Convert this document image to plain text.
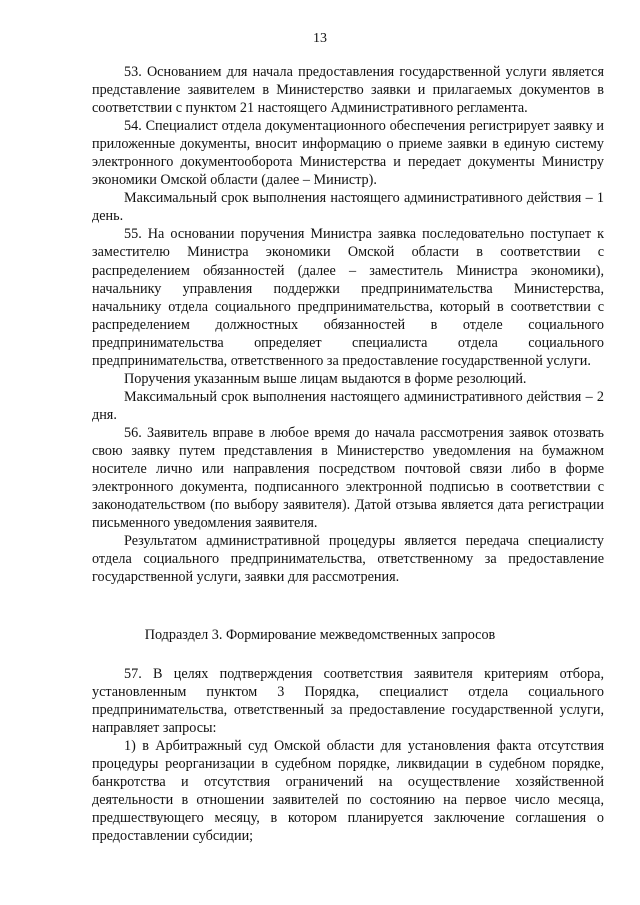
13

53. Основанием для начала предоставления государственной услуги является представление заявителем в Министерство заявки и прилагаемых документов в соответствии с пунктом 21 настоящего Административного регламента.

54. Специалист отдела документационного обеспечения регистрирует заявку и приложенные документы, вносит информацию о приеме заявки в единую систему электронного документооборота Министерства и передает документы Министру экономики Омской области (далее – Министр).

Максимальный срок выполнения настоящего административного действия – 1 день.

55. На основании поручения Министра заявка последовательно поступает к заместителю Министра экономики Омской области в соответствии с распределением обязанностей (далее – заместитель Министра экономики), начальнику управления поддержки предпринимательства Министерства, начальнику отдела социального предпринимательства, который в соответствии с распределением должностных обязанностей в отделе социального предпринимательства определяет специалиста отдела социального предпринимательства, ответственного за предоставление государственной услуги.

Поручения указанным выше лицам выдаются в форме резолюций.

Максимальный срок выполнения настоящего административного действия – 2 дня.

56. Заявитель вправе в любое время до начала рассмотрения заявок отозвать свою заявку путем представления в Министерство уведомления на бумажном носителе лично или направления посредством почтовой связи либо в форме электронного документа, подписанного электронной подписью в соответствии с законодательством (по выбору заявителя). Датой отзыва является дата регистрации письменного уведомления заявителя.

Результатом административной процедуры является передача специалисту отдела социального предпринимательства, ответственному за предоставление государственной услуги, заявки для рассмотрения.

Подраздел 3. Формирование межведомственных запросов

57. В целях подтверждения соответствия заявителя критериям отбора, установленным пунктом 3 Порядка, специалист отдела социального предпринимательства, ответственный за предоставление государственной услуги, направляет запросы:

1) в Арбитражный суд Омской области для установления факта отсутствия процедуры реорганизации в судебном порядке, ликвидации в судебном порядке, банкротства и отсутствия ограничений на осуществление хозяйственной деятельности в отношении заявителей по состоянию на первое число месяца, предшествующего месяцу, в котором планируется заключение соглашения о предоставлении субсидии;
